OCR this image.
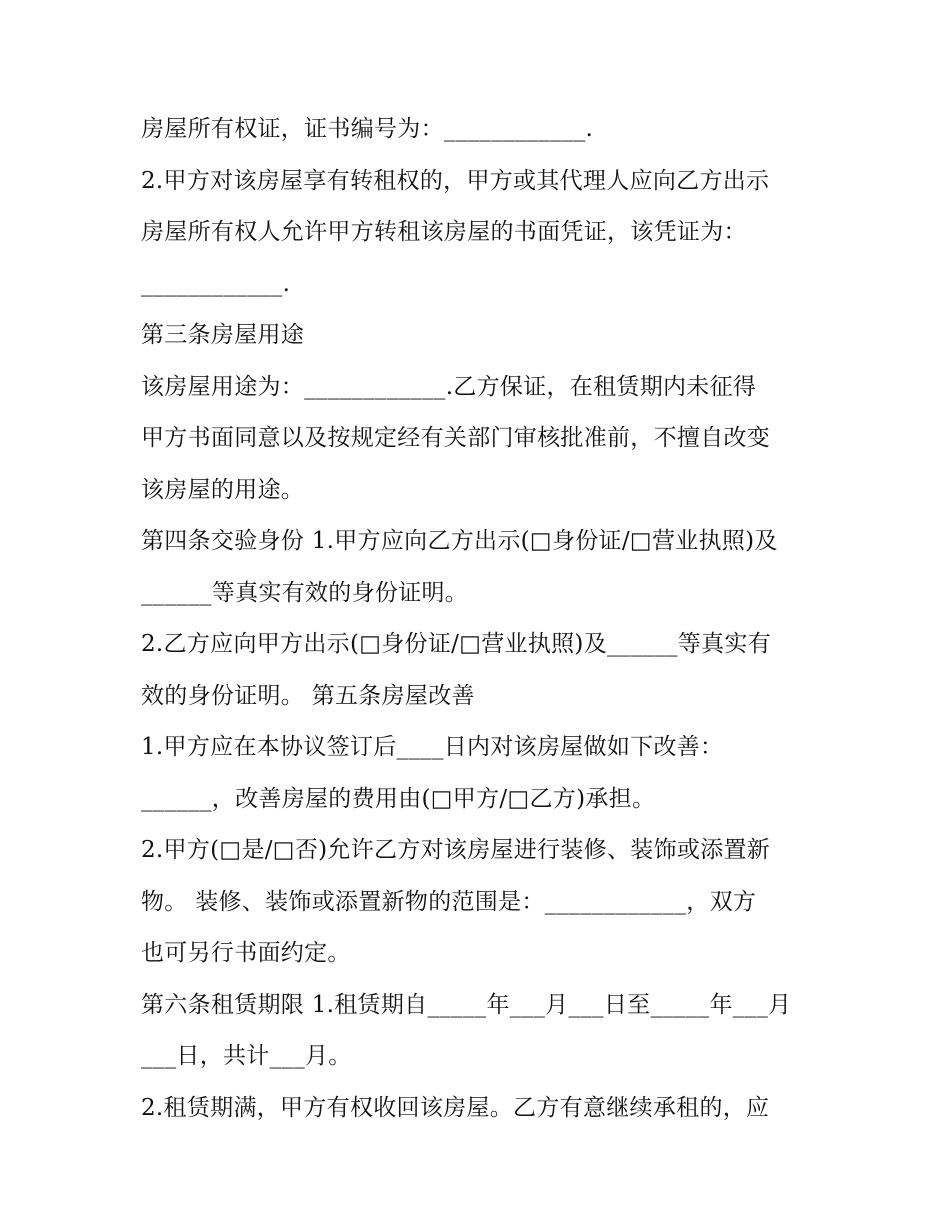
房屋所有权证，证书编号为：____________.
2.甲方对该房屋享有转租权的，甲方或其代理人应向乙方出示
房屋所有权人允许甲方转租该房屋的书面凭证，该凭证为：
____________.
第三条房屋用途
该房屋用途为：____________.乙方保证，在租赁期内未征得
甲方书面同意以及按规定经有关部门审核批准前，不擅自改变
该房屋的用途。
第四条交验身份 1.甲方应向乙方出示(□身份证/□营业执照)及
______等真实有效的身份证明。
2.乙方应向甲方出示(□身份证/□营业执照)及______等真实有
效的身份证明。 第五条房屋改善
1.甲方应在本协议签订后____日内对该房屋做如下改善：
______，改善房屋的费用由(□甲方/□乙方)承担。
2.甲方(□是/□否)允许乙方对该房屋进行装修、装饰或添置新
物。 装修、装饰或添置新物的范围是：____________，双方
也可另行书面约定。
第六条租赁期限 1.租赁期自_____年___月___日至_____年___月
___日，共计___月。
2.租赁期满，甲方有权收回该房屋。乙方有意继续承租的，应
